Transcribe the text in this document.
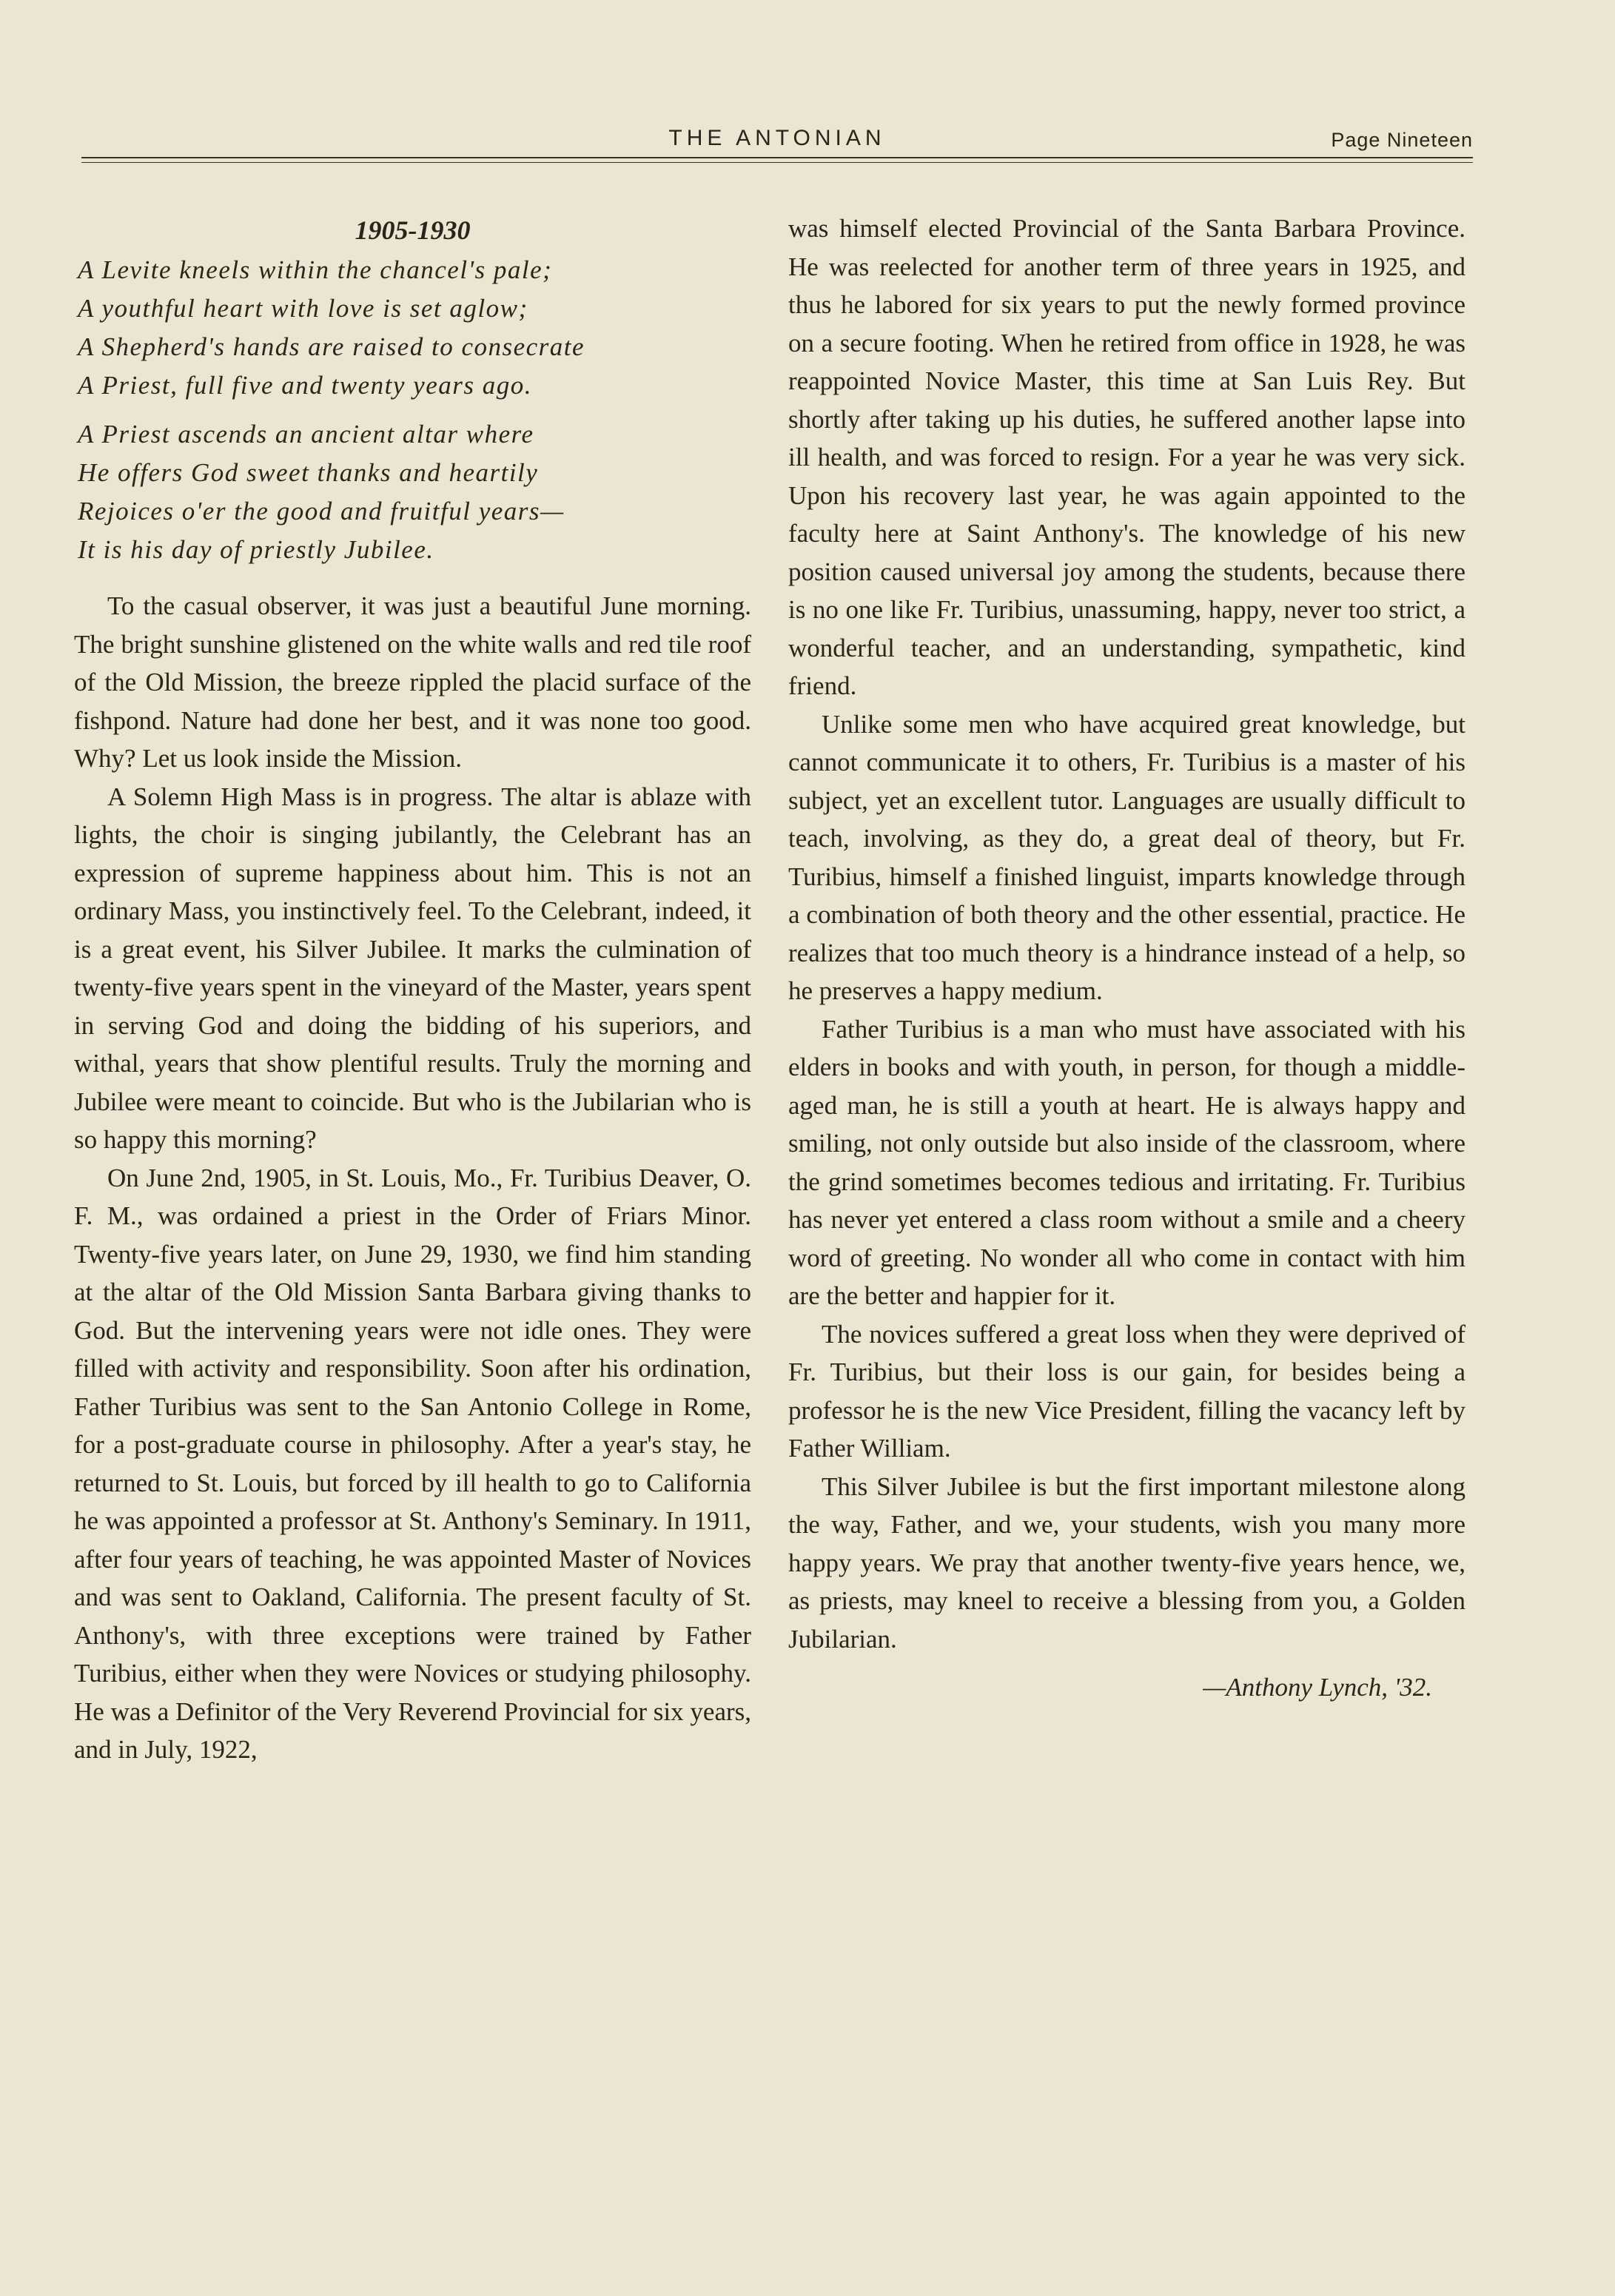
THE ANTONIAN	Page Nineteen
1905-1930
A Levite kneels within the chancel's pale;
A youthful heart with love is set aglow;
A Shepherd's hands are raised to consecrate
A Priest, full five and twenty years ago.
A Priest ascends an ancient altar where
He offers God sweet thanks and heartily
Rejoices o'er the good and fruitful years—
It is his day of priestly Jubilee.

To the casual observer, it was just a beautiful June morning. The bright sunshine glistened on the white walls and red tile roof of the Old Mission, the breeze rippled the placid surface of the fishpond. Nature had done her best, and it was none too good. Why? Let us look inside the Mission.

A Solemn High Mass is in progress. The altar is ablaze with lights, the choir is singing jubilantly, the Celebrant has an expression of supreme happiness about him. This is not an ordinary Mass, you instinctively feel. To the Celebrant, indeed, it is a great event, his Silver Jubilee. It marks the culmination of twenty-five years spent in the vineyard of the Master, years spent in serving God and doing the bidding of his superiors, and withal, years that show plentiful results. Truly the morning and Jubilee were meant to coincide. But who is the Jubilarian who is so happy this morning?

On June 2nd, 1905, in St. Louis, Mo., Fr. Turibius Deaver, O. F. M., was ordained a priest in the Order of Friars Minor. Twenty-five years later, on June 29, 1930, we find him standing at the altar of the Old Mission Santa Barbara giving thanks to God. But the intervening years were not idle ones. They were filled with activity and responsibility. Soon after his ordination, Father Turibius was sent to the San Antonio College in Rome, for a post-graduate course in philosophy. After a year's stay, he returned to St. Louis, but forced by ill health to go to California he was appointed a professor at St. Anthony's Seminary. In 1911, after four years of teaching, he was appointed Master of Novices and was sent to Oakland, California. The present faculty of St. Anthony's, with three exceptions were trained by Father Turibius, either when they were Novices or studying philosophy. He was a Definitor of the Very Reverend Provincial for six years, and in July, 1922,

was himself elected Provincial of the Santa Barbara Province. He was reelected for another term of three years in 1925, and thus he labored for six years to put the newly formed province on a secure footing. When he retired from office in 1928, he was reappointed Novice Master, this time at San Luis Rey. But shortly after taking up his duties, he suffered another lapse into ill health, and was forced to resign. For a year he was very sick. Upon his recovery last year, he was again appointed to the faculty here at Saint Anthony's. The knowledge of his new position caused universal joy among the students, because there is no one like Fr. Turibius, unassuming, happy, never too strict, a wonderful teacher, and an understanding, sympathetic, kind friend.

Unlike some men who have acquired great knowledge, but cannot communicate it to others, Fr. Turibius is a master of his subject, yet an excellent tutor. Languages are usually difficult to teach, involving, as they do, a great deal of theory, but Fr. Turibius, himself a finished linguist, imparts knowledge through a combination of both theory and the other essential, practice. He realizes that too much theory is a hindrance instead of a help, so he preserves a happy medium.

Father Turibius is a man who must have associated with his elders in books and with youth, in person, for though a middle-aged man, he is still a youth at heart. He is always happy and smiling, not only outside but also inside of the classroom, where the grind sometimes becomes tedious and irritating. Fr. Turibius has never yet entered a class room without a smile and a cheery word of greeting. No wonder all who come in contact with him are the better and happier for it.

The novices suffered a great loss when they were deprived of Fr. Turibius, but their loss is our gain, for besides being a professor he is the new Vice President, filling the vacancy left by Father William.

This Silver Jubilee is but the first important milestone along the way, Father, and we, your students, wish you many more happy years. We pray that another twenty-five years hence, we, as priests, may kneel to receive a blessing from you, a Golden Jubilarian.

—Anthony Lynch, '32.
